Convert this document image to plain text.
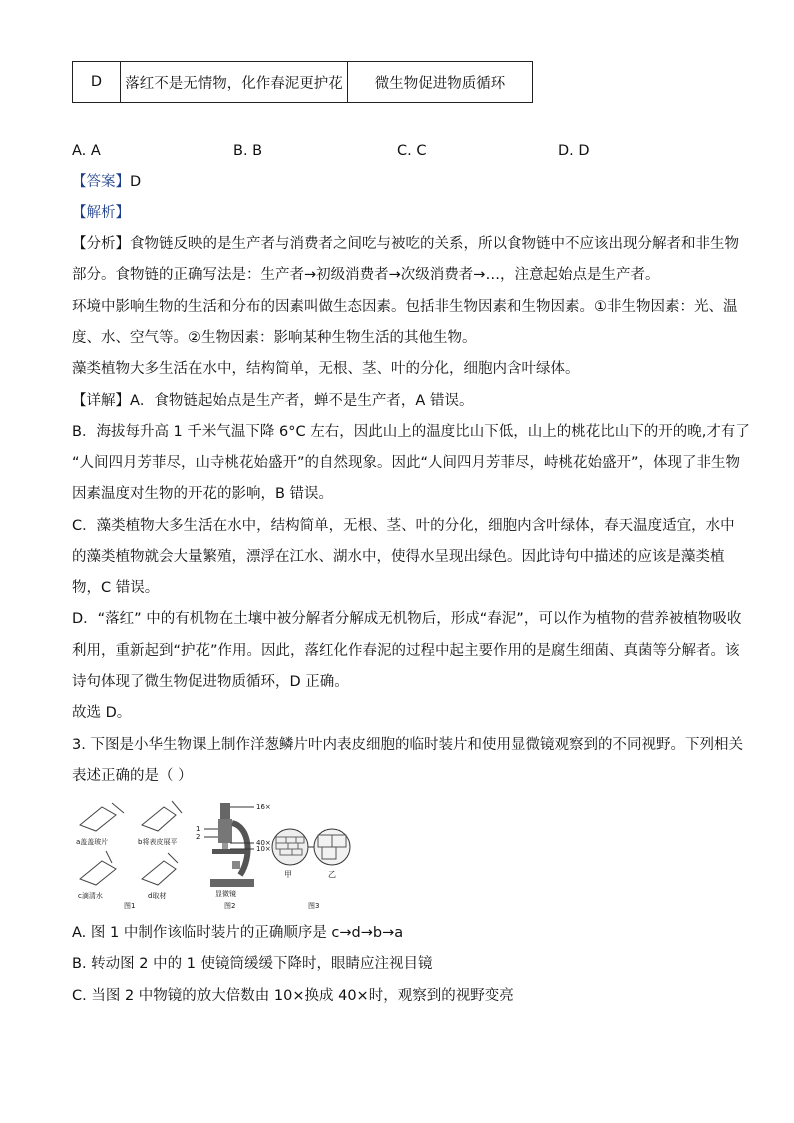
D	落红不是无情物，化作春泥更护花	微生物促进物质循环
A. A	B. B	C. C	D. D
【答案】D
【解析】
【分析】食物链反映的是生产者与消费者之间吃与被吃的关系，所以食物链中不应该出现分解者和非生物
部分。食物链的正确写法是：生产者→初级消费者→次级消费者→…，注意起始点是生产者。
环境中影响生物的生活和分布的因素叫做生态因素。包括非生物因素和生物因素。①非生物因素：光、温
度、水、空气等。②生物因素：影响某种生物生活的其他生物。
藻类植物大多生活在水中，结构简单，无根、茎、叶的分化，细胞内含叶绿体。
【详解】A．食物链起始点是生产者，蝉不是生产者，A 错误。
B．海拔每升高 1 千米气温下降 6°C 左右，因此山上的温度比山下低，山上的桃花比山下的开的晚,才有了
“人间四月芳菲尽，山寺桃花始盛开”的自然现象。因此“人间四月芳菲尽，峙桃花始盛开”，体现了非生物
因素温度对生物的开花的影响，B 错误。
C．藻类植物大多生活在水中，结构简单，无根、茎、叶的分化，细胞内含叶绿体，春天温度适宜，水中
的藻类植物就会大量繁殖，漂浮在江水、湖水中，使得水呈现出绿色。因此诗句中描述的应该是藻类植
物，C 错误。
D．“落红” 中的有机物在土壤中被分解者分解成无机物后，形成“春泥”，可以作为植物的营养被植物吸收
利用，重新起到“护花”作用。因此，落红化作春泥的过程中起主要作用的是腐生细菌、真菌等分解者。该
诗句体现了微生物促进物质循环，D 正确。
故选 D。
3. 下图是小华生物课上制作洋葱鳞片叶内表皮细胞的临时装片和使用显微镜观察到的不同视野。下列相关
表述正确的是（ ）
a盖盖玻片	b将表皮展平
c滴清水	d取材
图1
1
2
16×
40×
10×
显微镜
图2
甲	乙
图3
A. 图 1 中制作该临时装片的正确顺序是 c→d→b→a
B. 转动图 2 中的 1 使镜筒缓缓下降时，眼睛应注视目镜
C. 当图 2 中物镜的放大倍数由 10×换成 40×时，观察到的视野变亮
